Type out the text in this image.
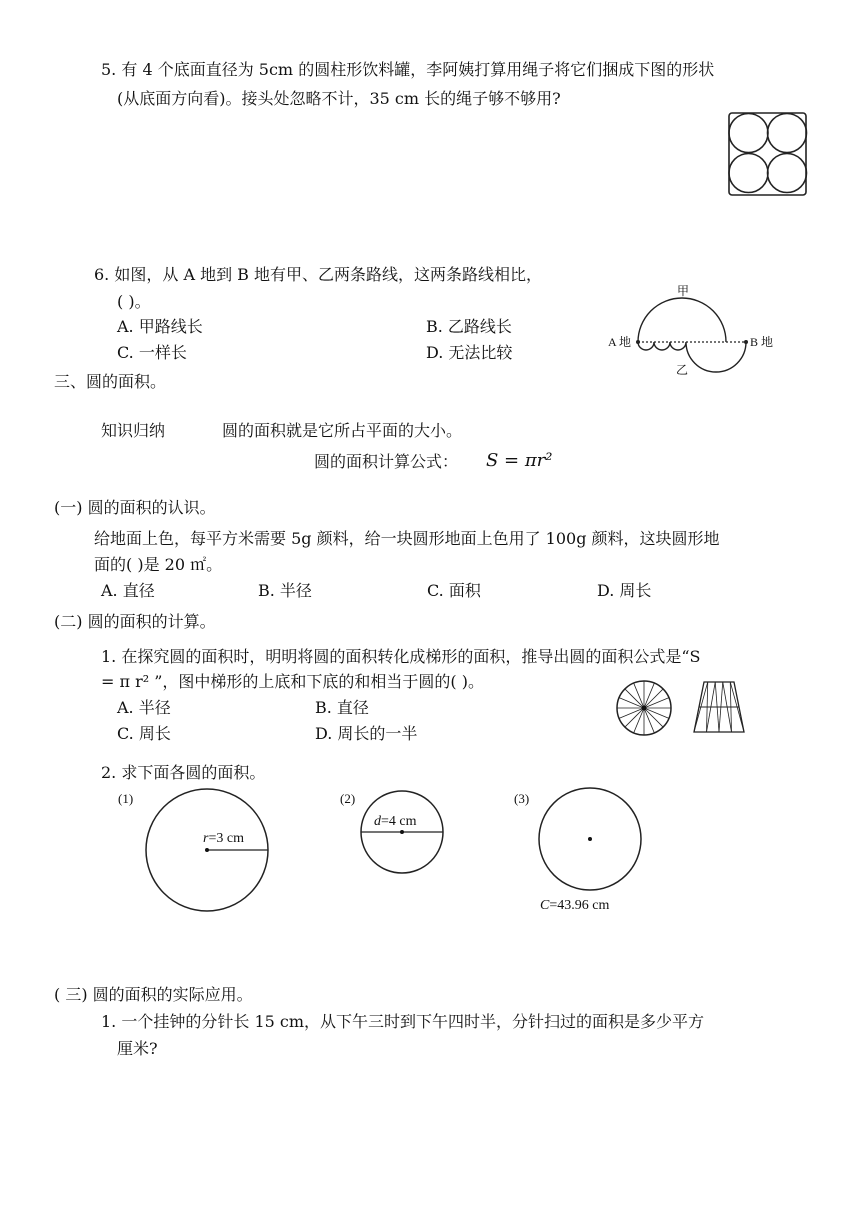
5. 有 4 个底面直径为 5cm 的圆柱形饮料罐，李阿姨打算用绳子将它们捆成下图的形状
(从底面方向看)。接头处忽略不计，35 cm 长的绳子够不够用?
6. 如图，从 A 地到 B 地有甲、乙两条路线，这两条路线相比，
( )。
A. 甲路线长	B. 乙路线长
C. 一样长	D. 无法比较
甲
A 地	B 地
乙
三、圆的面积。
知识归纳	圆的面积就是它所占平面的大小。
圆的面积计算公式： S = πr²
(一) 圆的面积的认识。
给地面上色，每平方米需要 5g 颜料，给一块圆形地面上色用了 100g 颜料，这块圆形地
面的( )是 20 ㎡。
A. 直径	B. 半径	C. 面积	D. 周长
(二) 圆的面积的计算。
1. 在探究圆的面积时，明明将圆的面积转化成梯形的面积，推导出圆的面积公式是“S
= π r² ”，图中梯形的上底和下底的和相当于圆的( )。
A. 半径	B. 直径
C. 周长	D. 周长的一半
2. 求下面各圆的面积。
(1)
r=3 cm
(2)
d=4 cm
(3)
C=43.96 cm
( 三) 圆的面积的实际应用。
1. 一个挂钟的分针长 15 cm，从下午三时到下午四时半，分针扫过的面积是多少平方
厘米?
